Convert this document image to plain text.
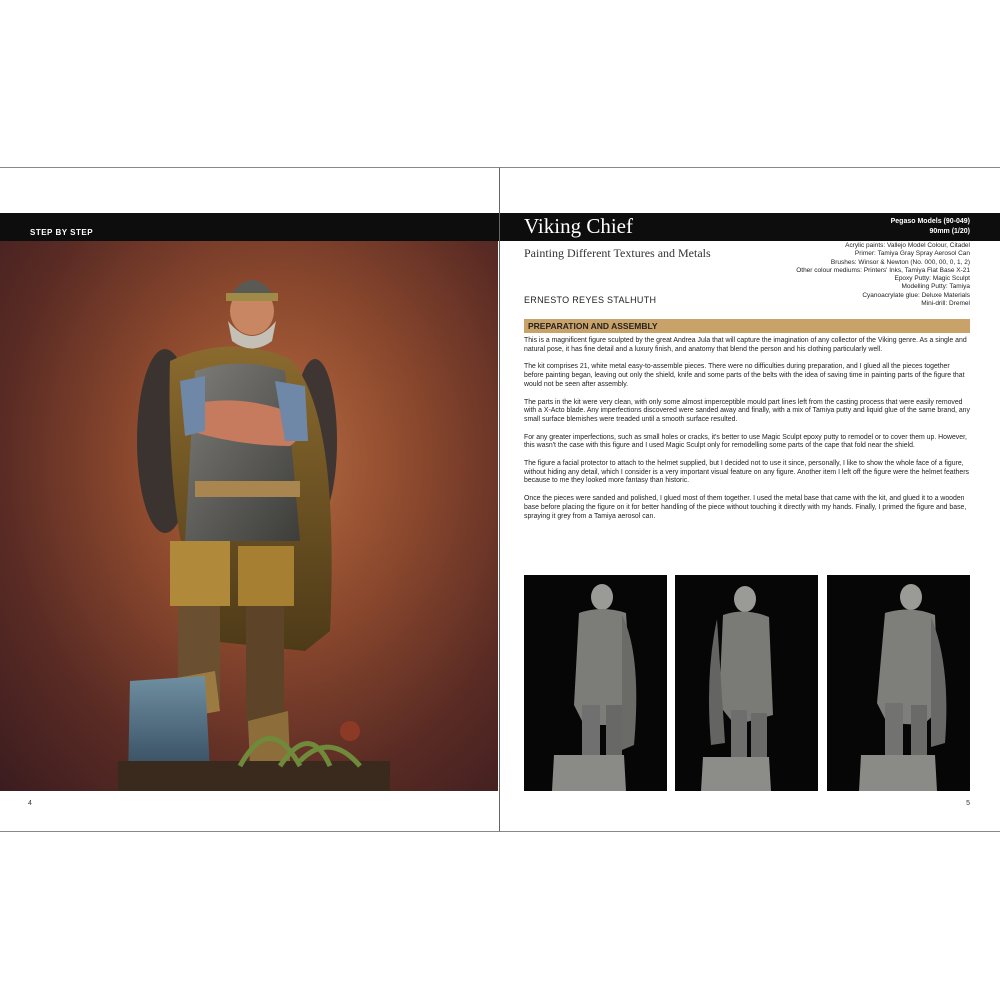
STEP BY STEP
4
Viking Chief	Pegaso Models (90-049)
90mm (1/20)
Painting Different Textures and Metals
Acrylic paints: Vallejo Model Colour, Citadel
Primer: Tamiya Gray Spray Aerosol Can
Brushes: Winsor & Newton (No. 000, 00, 0, 1, 2)
Other colour mediums: Printers' Inks, Tamiya Flat Base X-21
Epoxy Putty: Magic Sculpt
Modelling Putty: Tamiya
Cyanoacrylate glue: Deluxe Materials
Mini-drill: Dremel
ERNESTO REYES STALHUTH
PREPARATION AND ASSEMBLY

This is a magnificent figure sculpted by the great Andrea Jula that will capture the imagination of any collector of the Viking genre. As a single and natural pose, it has fine detail and a luxury finish, and anatomy that blend the person and his clothing particularly well.

The kit comprises 21, white metal easy-to-assemble pieces. There were no difficulties during preparation, and I glued all the pieces together before painting began, leaving out only the shield, knife and some parts of the belts with the idea of saving time in painting parts of the figure that would not be seen after assembly.

The parts in the kit were very clean, with only some almost imperceptible mould part lines left from the casting process that were easily removed with a X-Acto blade. Any imperfections discovered were sanded away and finally, with a mix of Tamiya putty and liquid glue of the same brand, any small surface blemishes were treaded until a smooth surface resulted.

For any greater imperfections, such as small holes or cracks, it's better to use Magic Sculpt epoxy putty to remodel or to cover them up. However, this wasn't the case with this figure and I used Magic Sculpt only for remodelling some parts of the cape that fold near the shield.

The figure a facial protector to attach to the helmet supplied, but I decided not to use it since, personally, I like to show the whole face of a figure, without hiding any detail, which I consider is a very important visual feature on any figure. Another item I left off the figure were the helmet feathers because to me they looked more fantasy than historic.

Once the pieces were sanded and polished, I glued most of them together. I used the metal base that came with the kit, and glued it to a wooden base before placing the figure on it for better handling of the piece without touching it directly with my hands. Finally, I primed the figure and base, spraying it grey from a Tamiya aerosol can.

5
